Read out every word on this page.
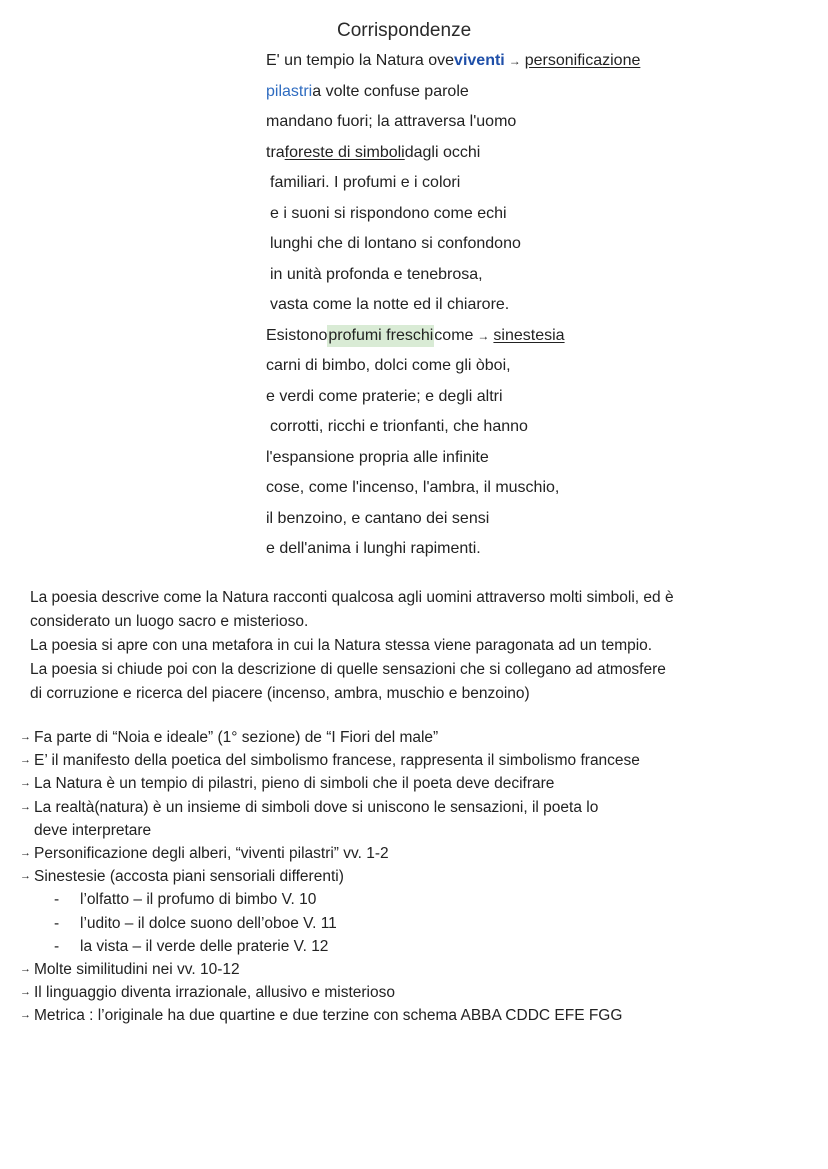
Corrispondenze
E' un tempio la Natura ove viventi → personificazione
pilastri a volte confuse parole
mandano fuori; la attraversa l'uomo
tra foreste di simboli dagli occhi
familiari. I profumi e i colori
e i suoni si rispondono come echi
lunghi che di lontano si confondono
in unità profonda e tenebrosa,
vasta come la notte ed il chiarore.
Esistono profumi freschi come → sinestesia
carni di bimbo, dolci come gli òboi,
e verdi come praterie; e degli altri
corrotti, ricchi e trionfanti, che hanno
l'espansione propria alle infinite
cose, come l'incenso, l'ambra, il muschio,
il benzoino, e cantano dei sensi
e dell'anima i lunghi rapimenti.

La poesia descrive come la Natura racconti qualcosa agli uomini attraverso molti simboli, ed è

considerato un luogo sacro e misterioso.

La poesia si apre con una metafora in cui la Natura stessa viene paragonata ad un tempio.

La poesia si chiude poi con la descrizione di quelle sensazioni che si collegano ad atmosfere

di corruzione e ricerca del piacere (incenso, ambra, muschio e benzoino)

→ Fa parte di “Noia e ideale” (1° sezione) de “I Fiori del male”
→ E’ il manifesto della poetica del simbolismo francese, rappresenta il simbolismo francese
→ La Natura è un tempio di pilastri, pieno di simboli che il poeta deve decifrare
→ La realtà(natura) è un insieme di simboli dove si uniscono le sensazioni, il poeta lo
deve interpretare
→ Personificazione degli alberi, “viventi pilastri” vv. 1-2
→ Sinestesie (accosta piani sensoriali differenti)
-	l’olfatto – il profumo di bimbo V. 10
-	l’udito – il dolce suono dell’oboe V. 11
-	la vista – il verde delle praterie V. 12
→ Molte similitudini nei vv. 10-12
→ Il linguaggio diventa irrazionale, allusivo e misterioso
→ Metrica : l’originale ha due quartine e due terzine con schema ABBA CDDC EFE FGG
